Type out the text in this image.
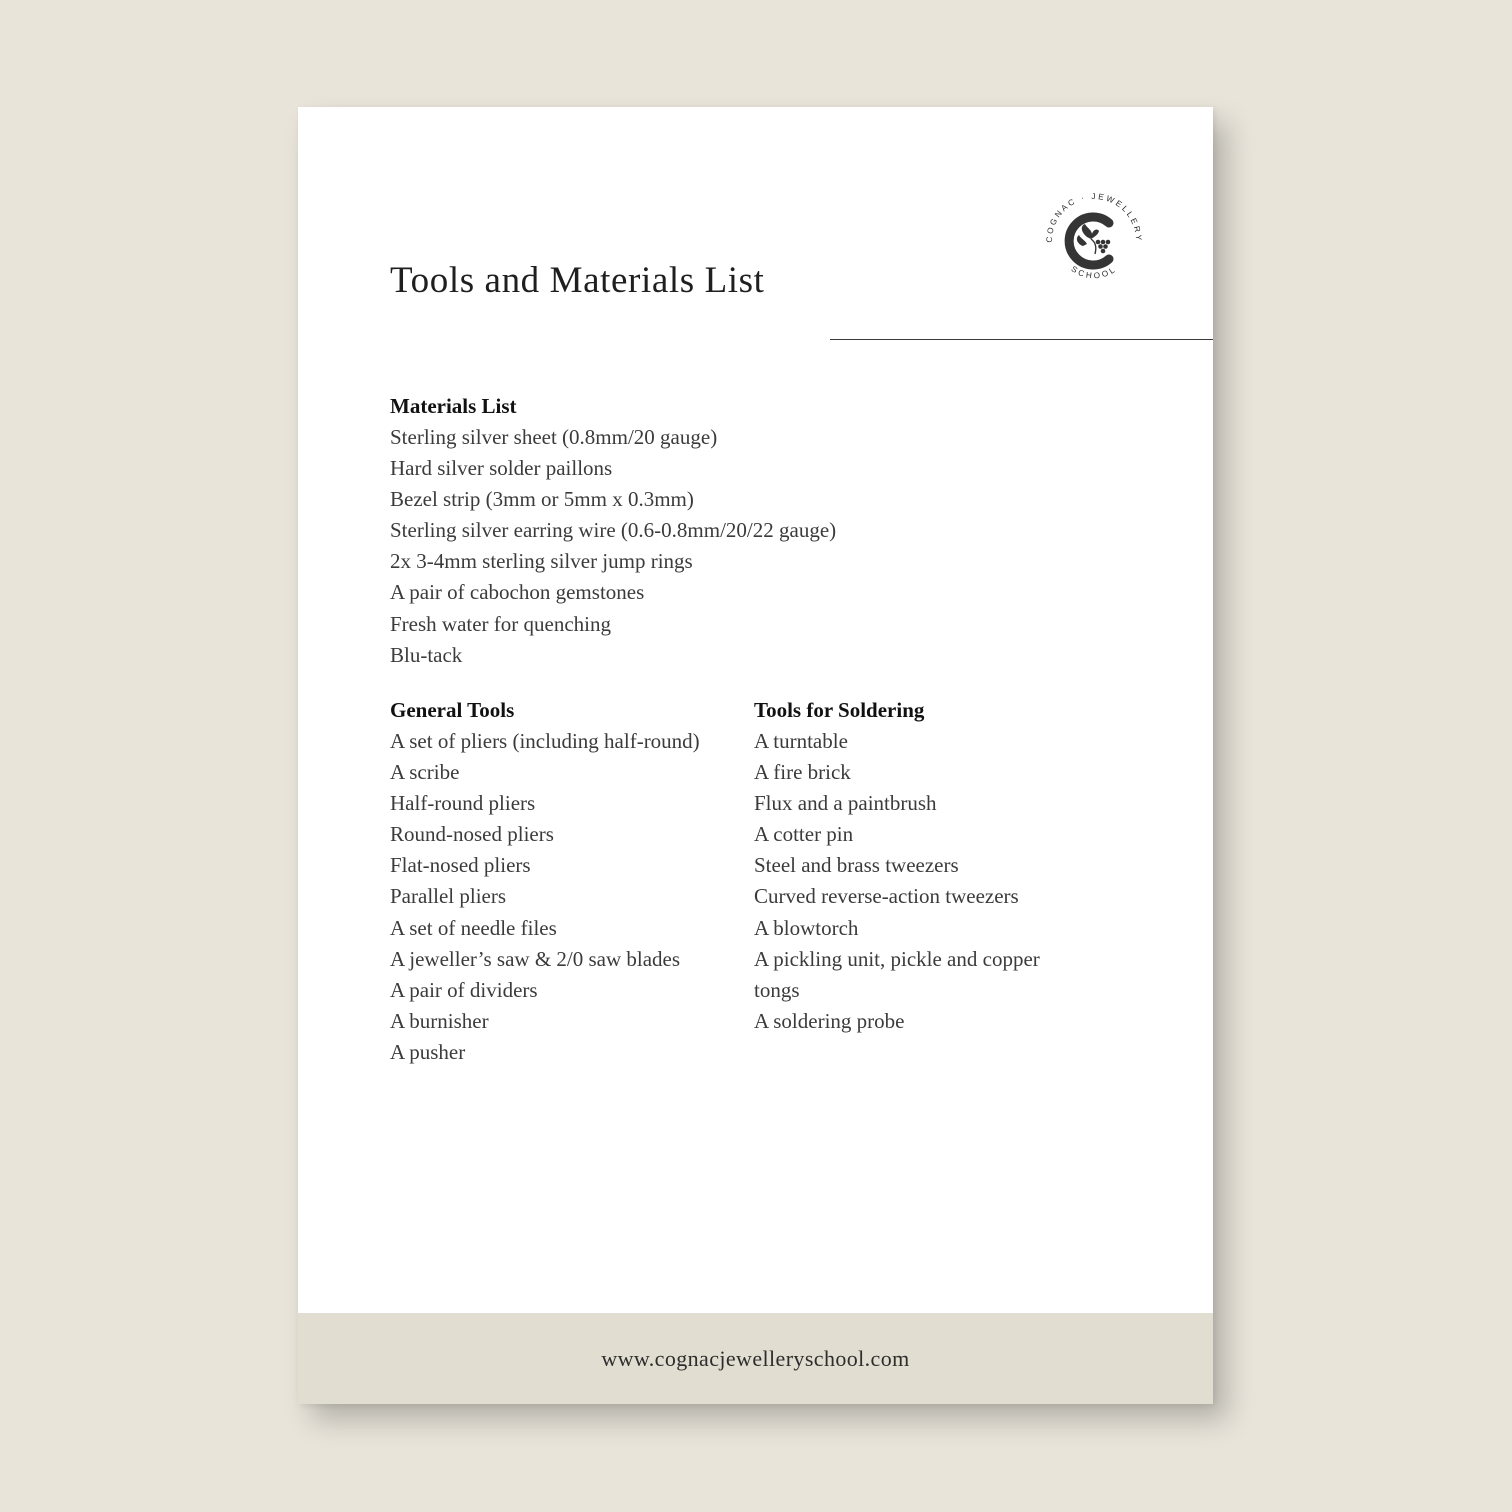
COGNAC · JEWELLERY
SCHOOL
Tools and Materials List
Materials List
Sterling silver sheet (0.8mm/20 gauge)
Hard silver solder paillons
Bezel strip (3mm or 5mm x 0.3mm)
Sterling silver earring wire (0.6-0.8mm/20/22 gauge)
2x 3-4mm sterling silver jump rings
A pair of cabochon gemstones
Fresh water for quenching
Blu-tack
General Tools
A set of pliers (including half-round)
A scribe
Half-round pliers
Round-nosed pliers
Flat-nosed pliers
Parallel pliers
A set of needle files
A jeweller’s saw & 2/0 saw blades
A pair of dividers
A burnisher
A pusher
Tools for Soldering
A turntable
A fire brick
Flux and a paintbrush
A cotter pin
Steel and brass tweezers
Curved reverse-action tweezers
A blowtorch
A pickling unit, pickle and copper tongs
A soldering probe
www.cognacjewelleryschool.com
